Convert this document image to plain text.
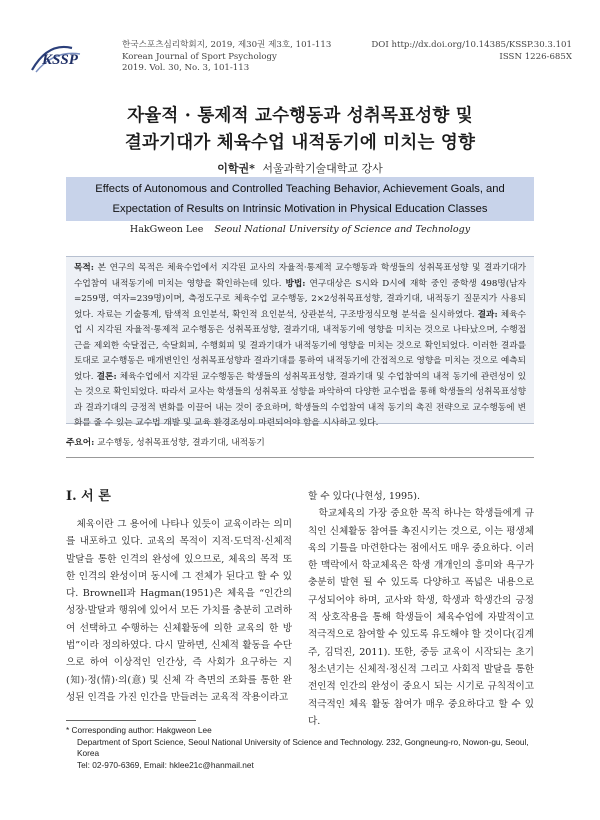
KSSP
한국스포츠심리학회지, 2019, 제30권 제3호, 101-113
Korean Journal of Sport Psychology
2019. Vol. 30, No. 3, 101-113
DOI http://dx.doi.org/10.14385/KSSP.30.3.101
ISSN 1226-685X
자율적 · 통제적 교수행동과 성취목표성향 및
결과기대가 체육수업 내적동기에 미치는 영향
이학권* 서울과학기술대학교 강사
Effects of Autonomous and Controlled Teaching Behavior, Achievement Goals, and
Expectation of Results on Intrinsic Motivation in Physical Education Classes
HakGweon Lee Seoul National University of Science and Technology
목적: 본 연구의 목적은 체육수업에서 지각된 교사의 자율적·통제적 교수행동과 학생들의 성취목표성향 및 결과기대가 수업참여 내적동기에 미치는 영향을 확인하는데 있다. 방법: 연구대상은 S시와 D시에 재학 중인 중학생 498명(남자=259명, 여자=239명)이며, 측정도구로 체육수업 교수행동, 2×2성취목표성향, 결과기대, 내적동기 질문지가 사용되었다. 자료는 기술통계, 탐색적 요인분석, 확인적 요인분석, 상관분석, 구조방정식모형 분석을 실시하였다. 결과: 체육수업 시 지각된 자율적·통제적 교수행동은 성취목표성향, 결과기대, 내적동기에 영향을 미치는 것으로 나타났으며, 수행접근을 제외한 숙달접근, 숙달회피, 수행회피 및 결과기대가 내적동기에 영향을 미치는 것으로 확인되었다. 이러한 결과를 토대로 교수행동은 매개변인인 성취목표성향과 결과기대를 통하여 내적동기에 간접적으로 영향을 미치는 것으로 예측되었다. 결론: 체육수업에서 지각된 교수행동은 학생들의 성취목표성향, 결과기대 및 수업참여의 내적 동기에 관련성이 있는 것으로 확인되었다. 따라서 교사는 학생들의 성취목표 성향을 파악하여 다양한 교수법을 통해 학생들의 성취목표성향과 결과기대의 긍정적 변화를 이끌어 내는 것이 중요하며, 학생들의 수업참여 내적 동기의 촉진 전략으로 교수행동에 변화를 줄 수 있는 교수법 개발 및 교육 환경조성이 마련되어야 함을 시사하고 있다.
주요어: 교수행동, 성취목표성향, 결과기대, 내적동기
Ⅰ. 서 론

체육이란 그 용어에 나타나 있듯이 교육이라는 의미를 내포하고 있다. 교육의 목적이 지적·도덕적·신체적 발달을 통한 인격의 완성에 있으므로, 체육의 목적 또한 인격의 완성이며 동시에 그 전체가 된다고 할 수 있다. Brownell과 Hagman(1951)은 체육을 “인간의 성장·발달과 행위에 있어서 모든 가치를 충분히 고려하여 선택하고 수행하는 신체활동에 의한 교육의 한 방법”이라 정의하였다. 다시 말하면, 신체적 활동을 수단으로 하여 이상적인 인간상, 즉 사회가 요구하는 지(知)·정(情)·의(意) 및 신체 각 측면의 조화를 통한 완성된 인격을 가진 인간을 만들려는 교육적 작용이라고

할 수 있다(나현성, 1995).

학교체육의 가장 중요한 목적 하나는 학생들에게 규칙인 신체활동 참여를 촉진시키는 것으로, 이는 평생체육의 기틀을 마련한다는 점에서도 매우 중요하다. 이러한 맥락에서 학교체육은 학생 개개인의 흥미와 욕구가 충분히 발현 될 수 있도록 다양하고 폭넓은 내용으로 구성되어야 하며, 교사와 학생, 학생과 학생간의 긍정적 상호작용을 통해 학생들이 체육수업에 자발적이고 적극적으로 참여할 수 있도록 유도해야 할 것이다(김계주, 김덕진, 2011). 또한, 중등 교육이 시작되는 초기 청소년기는 신체적·정신적 그리고 사회적 발달을 통한 전인적 인간의 완성이 중요시 되는 시기로 규칙적이고 적극적인 체육 활동 참여가 매우 중요하다고 할 수 있다.

* Corresponding author: Hakgweon Lee
Department of Sport Science, Seoul National University of Science and Technology. 232, Gongneung-ro, Nowon-gu, Seoul, Korea
Tel: 02-970-6369, Email: hklee21c@hanmail.net
